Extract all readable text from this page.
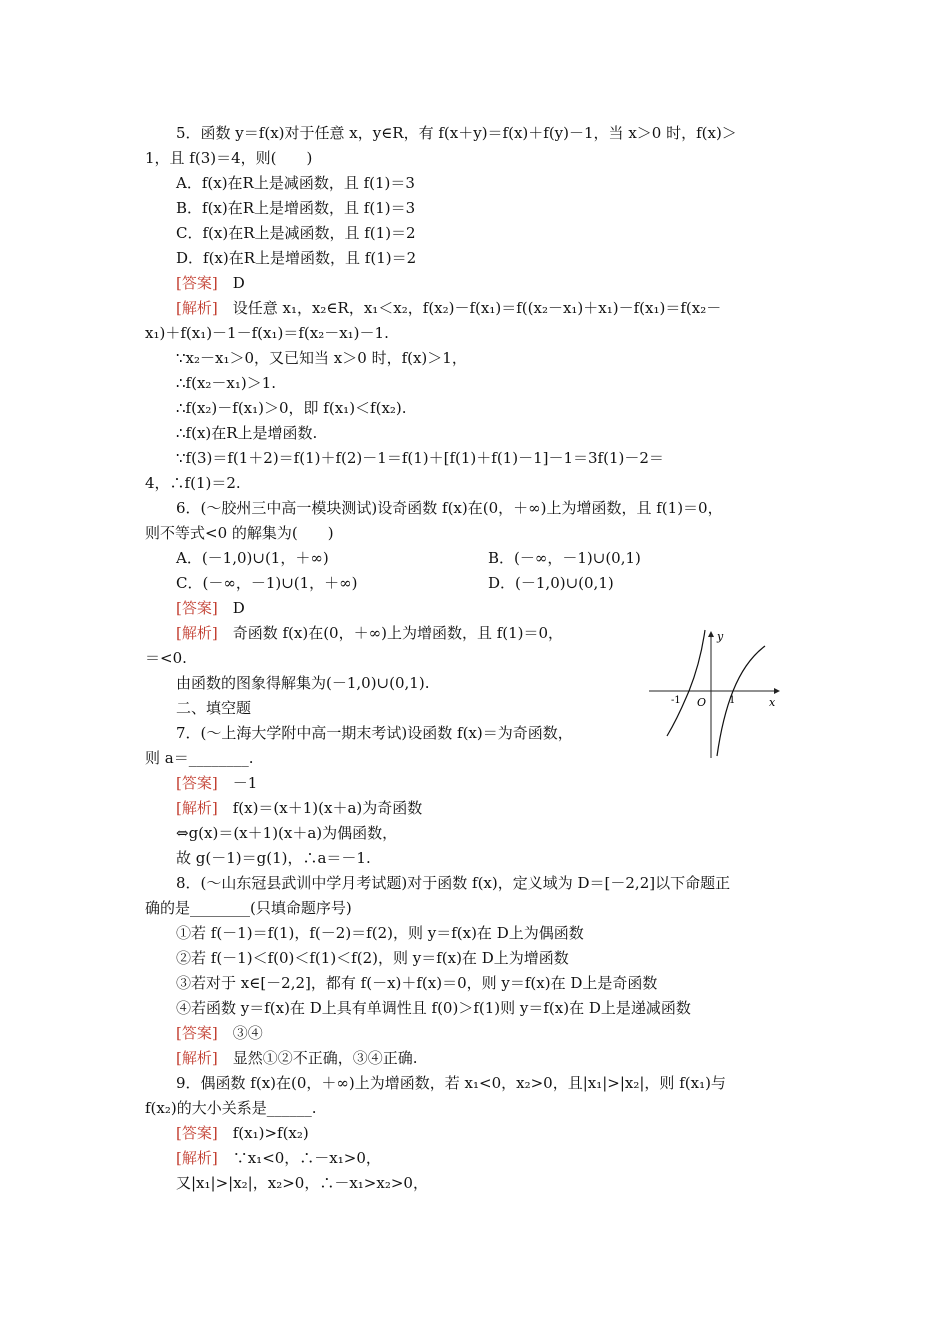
5．函数 y＝f(x)对于任意 x，y∈R，有 f(x＋y)＝f(x)＋f(y)－1，当 x＞0 时，f(x)＞
1，且 f(3)＝4，则(　　)
A．f(x)在R上是减函数，且 f(1)＝3
B．f(x)在R上是增函数，且 f(1)＝3
C．f(x)在R上是减函数，且 f(1)＝2
D．f(x)在R上是增函数，且 f(1)＝2
[答案]　D
[解析]　设任意 x₁，x₂∈R，x₁＜x₂，f(x₂)－f(x₁)＝f((x₂－x₁)＋x₁)－f(x₁)＝f(x₂－
x₁)＋f(x₁)－1－f(x₁)＝f(x₂－x₁)－1.
∵x₂－x₁＞0，又已知当 x＞0 时，f(x)＞1，
∴f(x₂－x₁)＞1.
∴f(x₂)－f(x₁)＞0，即 f(x₁)＜f(x₂).
∴f(x)在R上是增函数.
∵f(3)＝f(1＋2)＝f(1)＋f(2)－1＝f(1)＋[f(1)＋f(1)－1]－1＝3f(1)－2＝
4，∴f(1)＝2.
6．(～胶州三中高一模块测试)设奇函数 f(x)在(0，＋∞)上为增函数，且 f(1)＝0，
则不等式<0 的解集为(　　)
A．(－1,0)∪(1，＋∞)	B．(－∞，－1)∪(0,1)
C．(－∞，－1)∪(1，＋∞)	D．(－1,0)∪(0,1)
[答案]　D
[解析]　奇函数 f(x)在(0，＋∞)上为增函数，且 f(1)＝0，
＝<0.
由函数的图象得解集为(－1,0)∪(0,1).
二、填空题
7．(～上海大学附中高一期末考试)设函数 f(x)＝为奇函数，
则 a＝________.
[答案]　－1
[解析]　f(x)＝(x＋1)(x＋a)为奇函数
⇔g(x)＝(x＋1)(x＋a)为偶函数，
故 g(－1)＝g(1)，∴a＝－1.
8．(～山东冠县武训中学月考试题)对于函数 f(x)，定义域为 D＝[－2,2]以下命题正
确的是________(只填命题序号)
①若 f(－1)＝f(1)，f(－2)＝f(2)，则 y＝f(x)在 D上为偶函数
②若 f(－1)＜f(0)＜f(1)＜f(2)，则 y＝f(x)在 D上为增函数
③若对于 x∈[－2,2]，都有 f(－x)＋f(x)＝0，则 y＝f(x)在 D上是奇函数
④若函数 y＝f(x)在 D上具有单调性且 f(0)＞f(1)则 y＝f(x)在 D上是递减函数
[答案]　③④
[解析]　显然①②不正确，③④正确.
9．偶函数 f(x)在(0，＋∞)上为增函数，若 x₁<0，x₂>0，且|x₁|>|x₂|，则 f(x₁)与
f(x₂)的大小关系是______.
[答案]　f(x₁)>f(x₂)
[解析]　∵x₁<0，∴－x₁>0，
又|x₁|>|x₂|，x₂>0，∴－x₁>x₂>0，
y
x
O
-1	1
